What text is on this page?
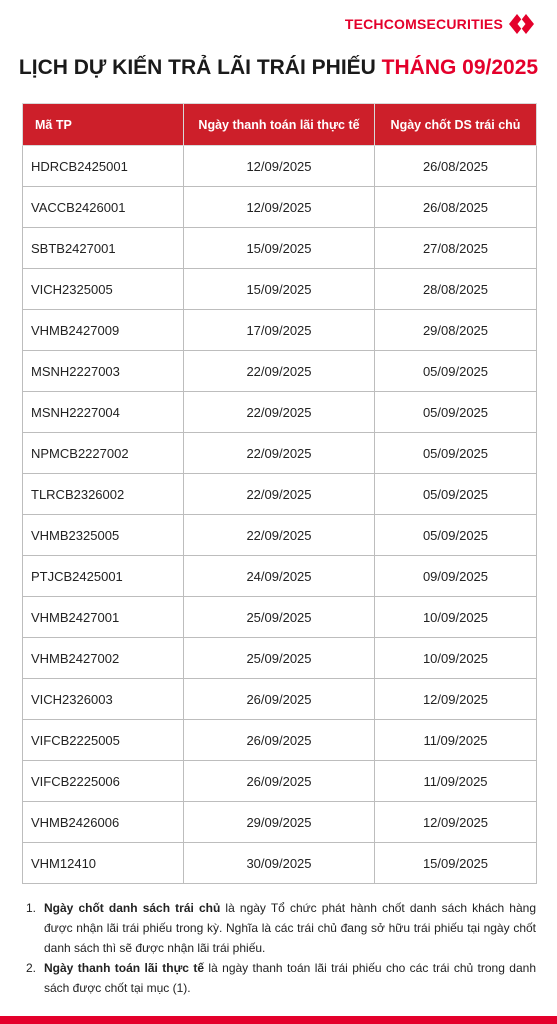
TECHCOMSECURITIES
LỊCH DỰ KIẾN TRẢ LÃI TRÁI PHIẾU THÁNG 09/2025
Mã TP	Ngày thanh toán lãi thực tế	Ngày chốt DS trái chủ
HDRCB2425001	12/09/2025	26/08/2025
VACCB2426001	12/09/2025	26/08/2025
SBTB2427001	15/09/2025	27/08/2025
VICH2325005	15/09/2025	28/08/2025
VHMB2427009	17/09/2025	29/08/2025
MSNH2227003	22/09/2025	05/09/2025
MSNH2227004	22/09/2025	05/09/2025
NPMCB2227002	22/09/2025	05/09/2025
TLRCB2326002	22/09/2025	05/09/2025
VHMB2325005	22/09/2025	05/09/2025
PTJCB2425001	24/09/2025	09/09/2025
VHMB2427001	25/09/2025	10/09/2025
VHMB2427002	25/09/2025	10/09/2025
VICH2326003	26/09/2025	12/09/2025
VIFCB2225005	26/09/2025	11/09/2025
VIFCB2225006	26/09/2025	11/09/2025
VHMB2426006	29/09/2025	12/09/2025
VHM12410	30/09/2025	15/09/2025
1. Ngày chốt danh sách trái chủ là ngày Tổ chức phát hành chốt danh sách khách hàng được nhận lãi trái phiếu trong kỳ. Nghĩa là các trái chủ đang sở hữu trái phiếu tại ngày chốt danh sách thì sẽ được nhận lãi trái phiếu.
2. Ngày thanh toán lãi thực tế là ngày thanh toán lãi trái phiếu cho các trái chủ trong danh sách được chốt tại mục (1).
